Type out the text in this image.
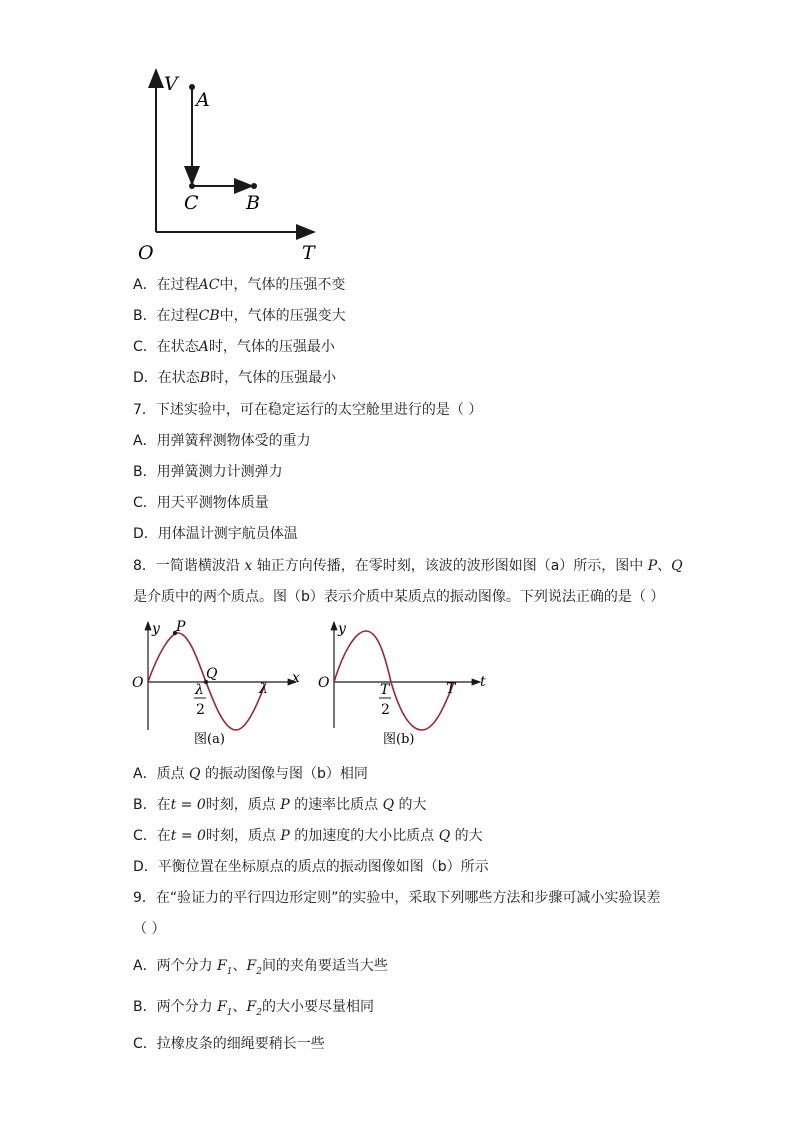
V
A
C B
O	T
A．在过程AC中，气体的压强不变
B．在过程CB中，气体的压强变大
C．在状态A时，气体的压强最小
D．在状态B时，气体的压强最小
7．下述实验中，可在稳定运行的太空舱里进行的是（ ）
A．用弹簧秤测物体受的重力
B．用弹簧测力计测弹力
C．用天平测物体质量
D．用体温计测宇航员体温
8．一简谐横波沿 x 轴正方向传播，在零时刻，该波的波形图如图（a）所示，图中 P、Q
是介质中的两个质点。图（b）表示介质中某质点的振动图像。下列说法正确的是（ ）
y P
Q
O	x
λ
2
λ
图(a)
y
O	t
T
2
T
图(b)
A．质点 Q 的振动图像与图（b）相同
B．在t = 0时刻，质点 P 的速率比质点 Q 的大
C．在t = 0时刻，质点 P 的加速度的大小比质点 Q 的大
D．平衡位置在坐标原点的质点的振动图像如图（b）所示
9．在“验证力的平行四边形定则”的实验中，采取下列哪些方法和步骤可减小实验误差
（ ）
A．两个分力 $F_1$、$F_2$间的夹角要适当大些
B．两个分力 $F_1$、$F_2$的大小要尽量相同
C．拉橡皮条的细绳要稍长一些
